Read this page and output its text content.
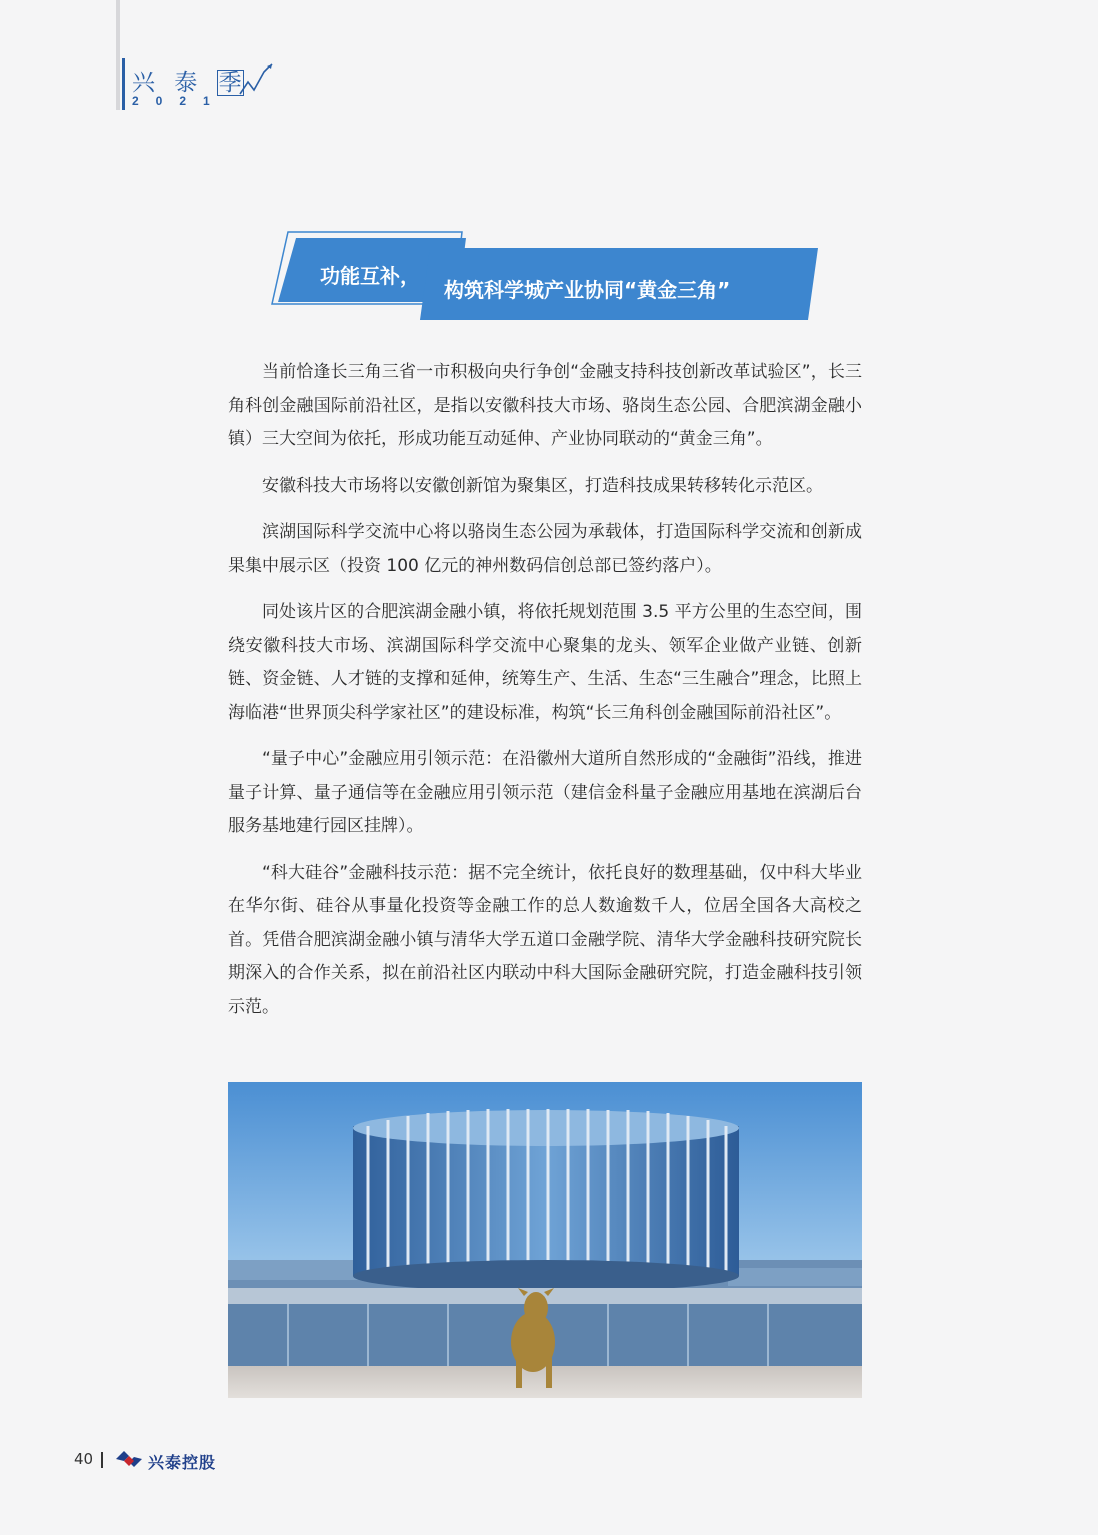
兴 泰 季
2021
功能互补，
构筑科学城产业协同“黄金三角”

当前恰逢长三角三省一市积极向央行争创“金融支持科技创新改革试验区”，长三角科创金融国际前沿社区，是指以安徽科技大市场、骆岗生态公园、合肥滨湖金融小镇）三大空间为依托，形成功能互动延伸、产业协同联动的“黄金三角”。

安徽科技大市场将以安徽创新馆为聚集区，打造科技成果转移转化示范区。

滨湖国际科学交流中心将以骆岗生态公园为承载体，打造国际科学交流和创新成果集中展示区（投资 100 亿元的神州数码信创总部已签约落户）。

同处该片区的合肥滨湖金融小镇，将依托规划范围 3.5 平方公里的生态空间，围绕安徽科技大市场、滨湖国际科学交流中心聚集的龙头、领军企业做产业链、创新链、资金链、人才链的支撑和延伸，统筹生产、生活、生态“三生融合”理念，比照上海临港“世界顶尖科学家社区”的建设标准，构筑“长三角科创金融国际前沿社区”。

“量子中心”金融应用引领示范：在沿徽州大道所自然形成的“金融街”沿线，推进量子计算、量子通信等在金融应用引领示范（建信金科量子金融应用基地在滨湖后台服务基地建行园区挂牌）。

“科大硅谷”金融科技示范：据不完全统计，依托良好的数理基础，仅中科大毕业在华尔街、硅谷从事量化投资等金融工作的总人数逾数千人，位居全国各大高校之首。凭借合肥滨湖金融小镇与清华大学五道口金融学院、清华大学金融科技研究院长期深入的合作关系，拟在前沿社区内联动中科大国际金融研究院，打造金融科技引领示范。

40	兴泰控股
